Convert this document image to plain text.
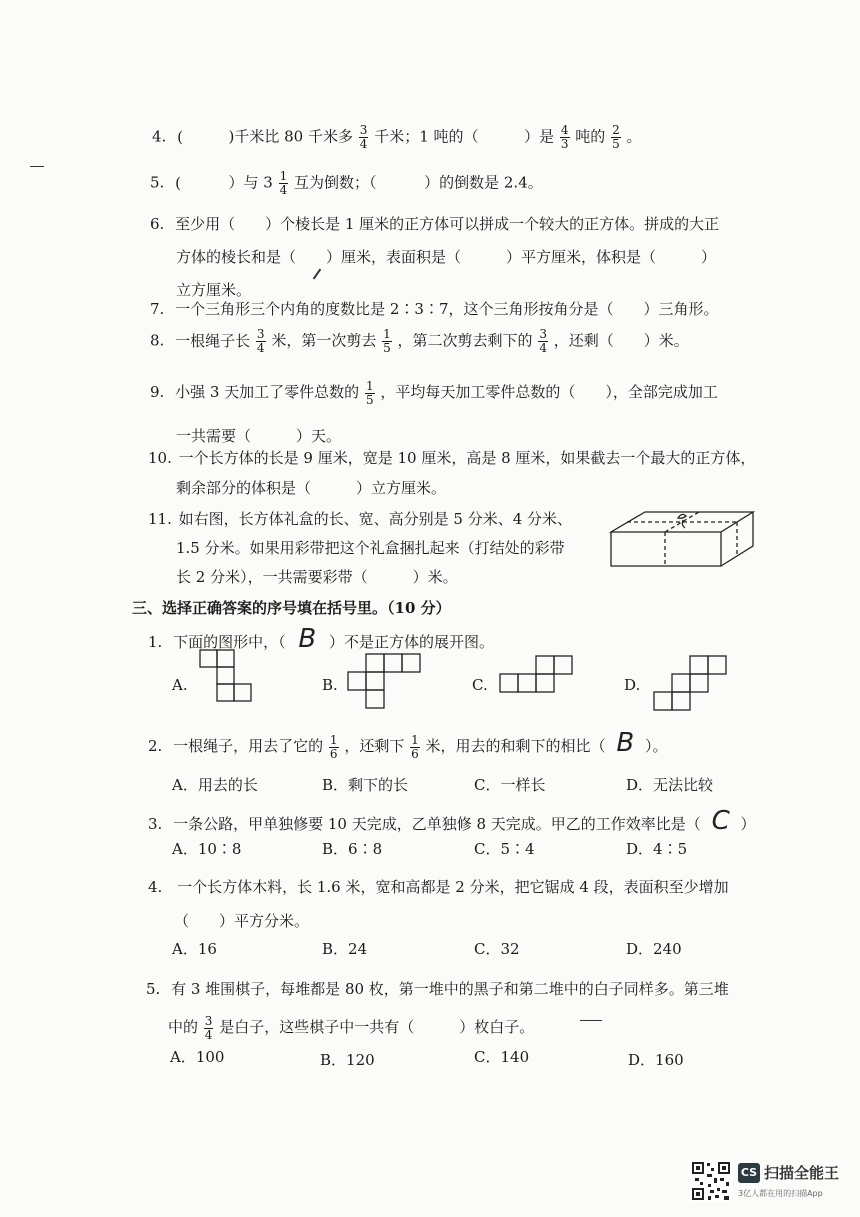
4. (	)千米比 80 千米多 $\frac{3}{4}$ 千米；1 吨的（	）是 $\frac{4}{3}$ 吨的 $\frac{2}{5}$ 。
5. (	）与 $3 \frac{1}{4}$ 互为倒数；（	）的倒数是 2.4。
6. 至少用（　　）个棱长是 1 厘米的正方体可以拼成一个较大的正方体。拼成的大正
方体的棱长和是（　　）厘米，表面积是（　　　）平方厘米，体积是（　　　）
立方厘米。
7. 一个三角形三个内角的度数比是 2∶3∶7，这个三角形按角分是（　　）三角形。
8. 一根绳子长 $\frac{3}{4}$ 米，第一次剪去 $\frac{1}{5}$ ，第二次剪去剩下的 $\frac{3}{4}$ ，还剩（　　）米。
9. 小强 3 天加工了零件总数的 $\frac{1}{5}$ ，平均每天加工零件总数的（　　），全部完成加工
一共需要（　　　）天。
10. 一个长方体的长是 9 厘米，宽是 10 厘米，高是 8 厘米，如果截去一个最大的正方体，
剩余部分的体积是（　　　）立方厘米。
11. 如右图，长方体礼盒的长、宽、高分别是 5 分米、4 分米、
1.5 分米。如果用彩带把这个礼盒捆扎起来（打结处的彩带
长 2 分米），一共需要彩带（　　　）米。
三、选择正确答案的序号填在括号里。（10 分）
1. 下面的图形中，（ B ）不是正方体的展开图。
A.	B.	C.	D.
2. 一根绳子，用去了它的 $\frac{1}{6}$ ，还剩下 $\frac{1}{6}$ 米，用去的和剩下的相比（ B ）。
A．用去的长	B．剩下的长	C．一样长	D．无法比较
3. 一条公路，甲单独修要 10 天完成，乙单独修 8 天完成。甲乙的工作效率比是（ C ）
A．10∶8	B．6∶8	C．5∶4	D．4∶5
4. 一个长方体木料，长 1.6 米，宽和高都是 2 分米，把它锯成 4 段，表面积至少增加
（　　）平方分米。
A．16	B．24	C．32	D．240
5. 有 3 堆围棋子，每堆都是 80 枚，第一堆中的黑子和第二堆中的白子同样多。第三堆
中的 $\frac{3}{4}$ 是白子，这些棋子中一共有（　　　）枚白子。
A．100	B．120	C．140	D．160
CS 扫描全能王
3亿人都在用的扫描App
